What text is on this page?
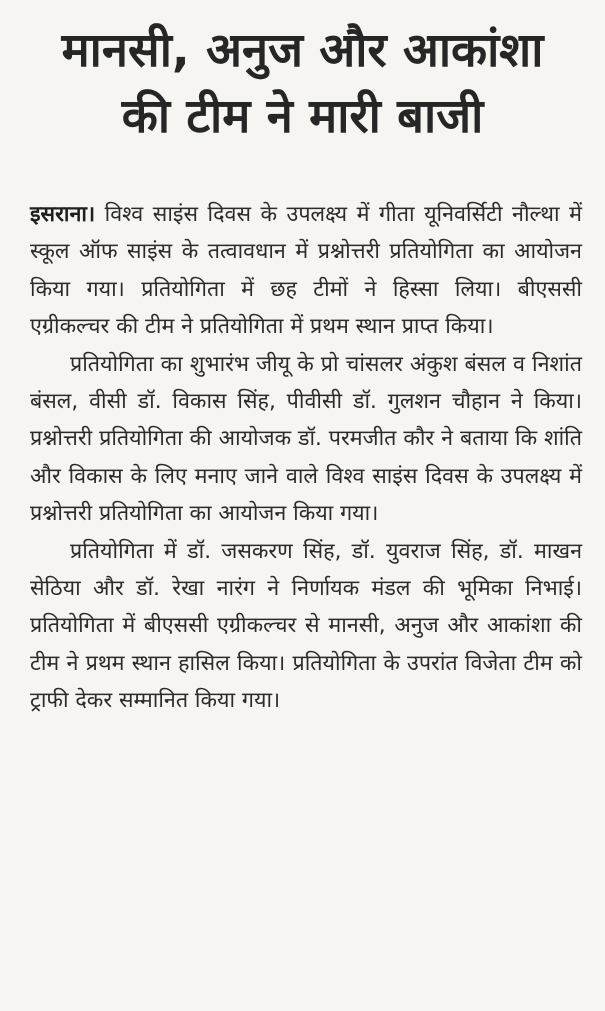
मानसी, अनुज और आकांशा
की टीम ने मारी बाजी

इसराना। विश्व साइंस दिवस के उपलक्ष्य में गीता यूनिवर्सिटी नौल्था में स्कूल ऑफ साइंस के तत्वावधान में प्रश्नोत्तरी प्रतियोगिता का आयोजन किया गया। प्रतियोगिता में छह टीमों ने हिस्सा लिया। बीएससी एग्रीकल्चर की टीम ने प्रतियोगिता में प्रथम स्थान प्राप्त किया।

प्रतियोगिता का शुभारंभ जीयू के प्रो चांसलर अंकुश बंसल व निशांत बंसल, वीसी डॉ. विकास सिंह, पीवीसी डॉ. गुलशन चौहान ने किया। प्रश्नोत्तरी प्रतियोगिता की आयोजक डॉ. परमजीत कौर ने बताया कि शांति और विकास के लिए मनाए जाने वाले विश्व साइंस दिवस के उपलक्ष्य में प्रश्नोत्तरी प्रतियोगिता का आयोजन किया गया।

प्रतियोगिता में डॉ. जसकरण सिंह, डॉ. युवराज सिंह, डॉ. माखन सेठिया और डॉ. रेखा नारंग ने निर्णायक मंडल की भूमिका निभाई। प्रतियोगिता में बीएससी एग्रीकल्चर से मानसी, अनुज और आकांशा की टीम ने प्रथम स्थान हासिल किया। प्रतियोगिता के उपरांत विजेता टीम को ट्राफी देकर सम्मानित किया गया।
